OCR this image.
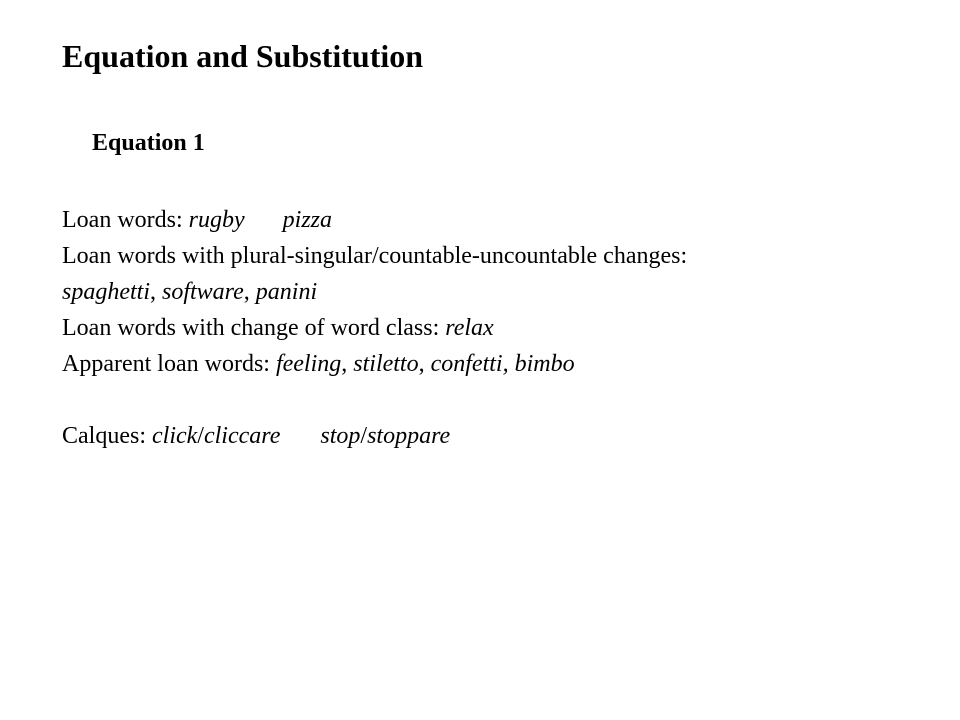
Equation and Substitution
Equation 1
Loan words: rugby pizza
Loan words with plural-singular/countable-uncountable changes:
spaghetti, software, panini
Loan words with change of word class: relax
Apparent loan words: feeling, stiletto, confetti, bimbo
Calques: click/cliccare stop/stoppare
